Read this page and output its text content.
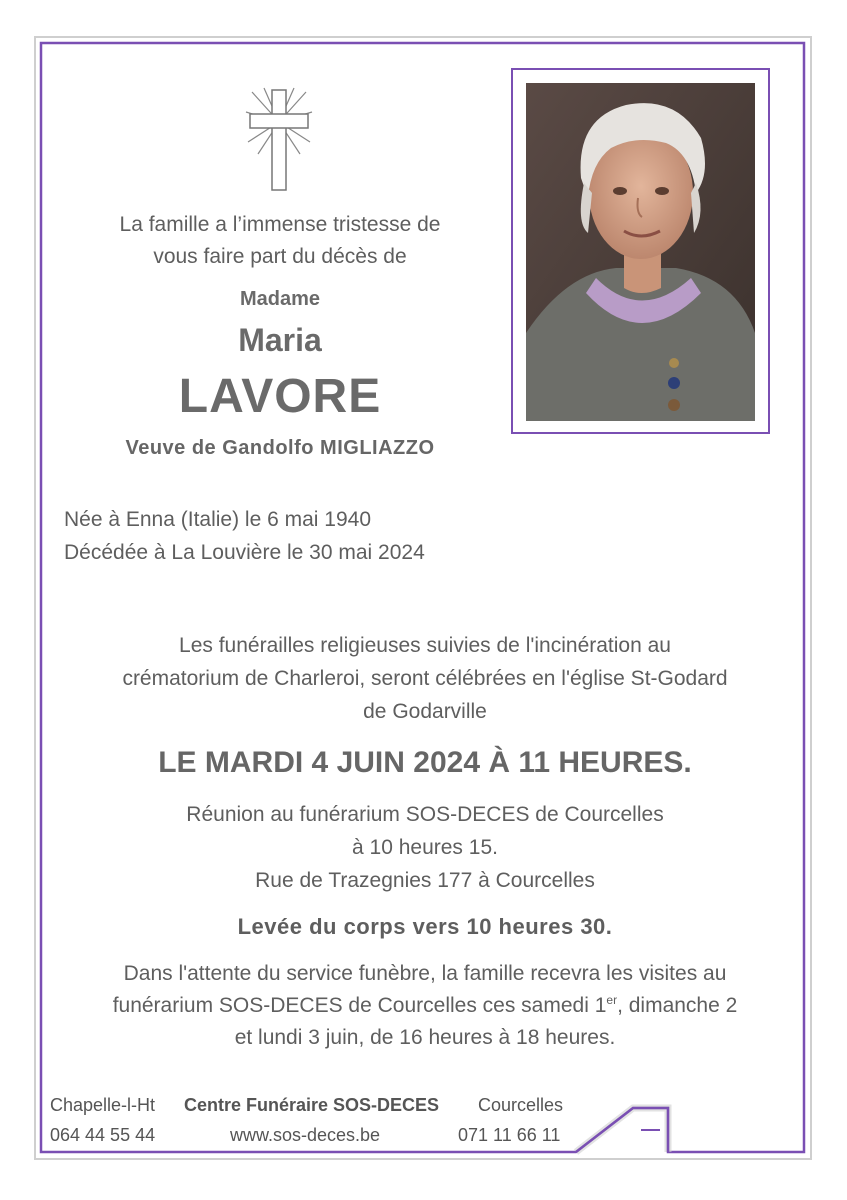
La famille a l’immense tristesse de
vous faire part du décès de
Madame
Maria
LAVORE
Veuve de Gandolfo MIGLIAZZO
Née à Enna (Italie) le 6 mai 1940
Décédée à La Louvière le 30 mai 2024
Les funérailles religieuses suivies de l'incinération au
crématorium de Charleroi, seront célébrées en l'église St-Godard
de Godarville
LE MARDI 4 JUIN 2024 À 11 HEURES.
Réunion au funérarium SOS-DECES de Courcelles
à 10 heures 15.
Rue de Trazegnies 177 à Courcelles
Levée du corps vers 10 heures 30.
Dans l'attente du service funèbre, la famille recevra les visites au
funérarium SOS-DECES de Courcelles ces samedi 1er, dimanche 2
et lundi 3 juin, de 16 heures à 18 heures.
Chapelle-l-Ht
064 44 55 44
Centre Funéraire SOS-DECES
www.sos-deces.be
Courcelles
071 11 66 11
